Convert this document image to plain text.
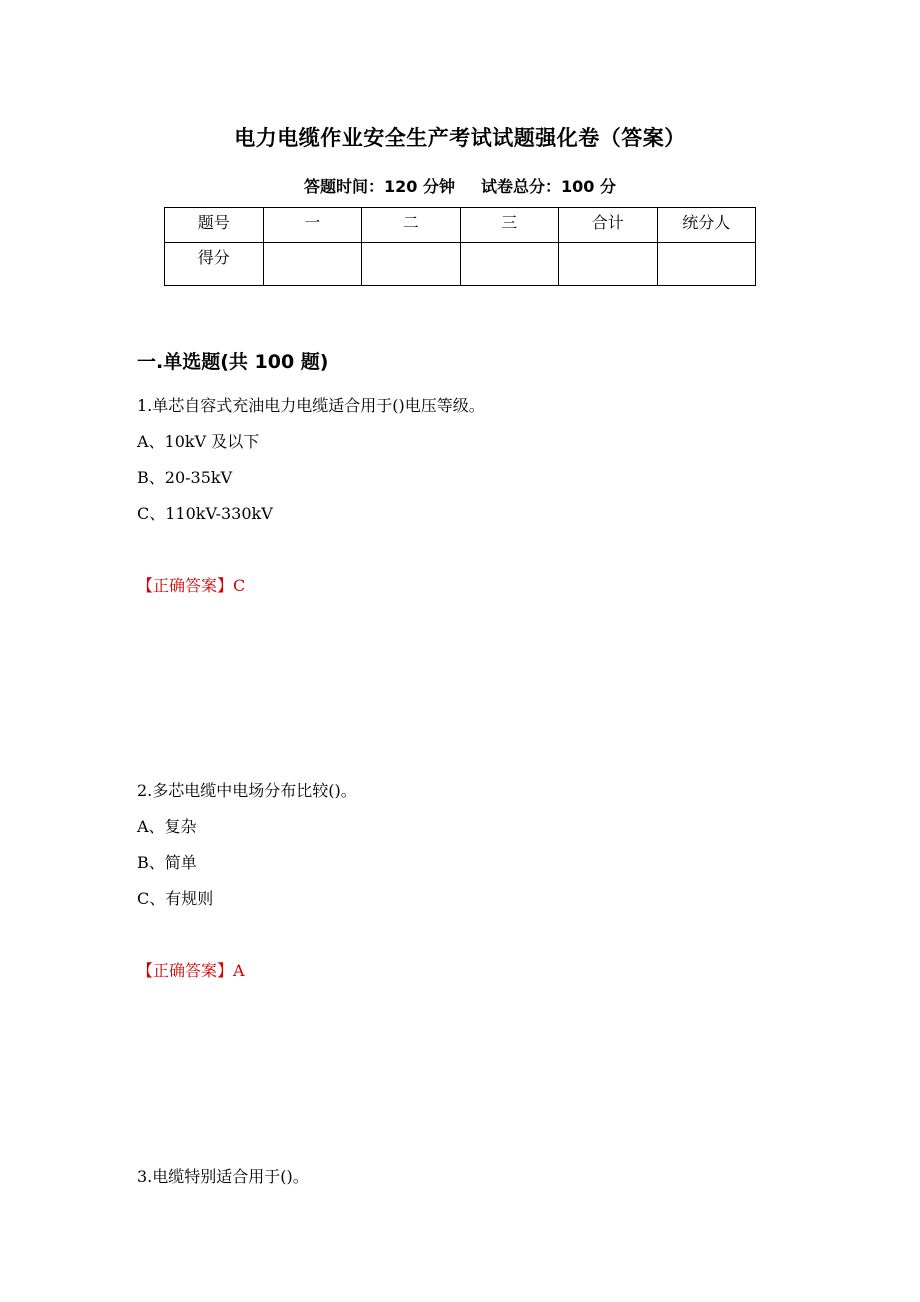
电力电缆作业安全生产考试试题强化卷（答案）
答题时间：120 分钟 试卷总分：100 分
题号	一	二	三	合计	统分人
得分					
一.单选题(共 100 题)
1.单芯自容式充油电力电缆适合用于()电压等级。
A、10kV 及以下
B、20-35kV
C、110kV-330kV
【正确答案】C
2.多芯电缆中电场分布比较()。
A、复杂
B、简单
C、有规则
【正确答案】A
3.电缆特别适合用于()。
